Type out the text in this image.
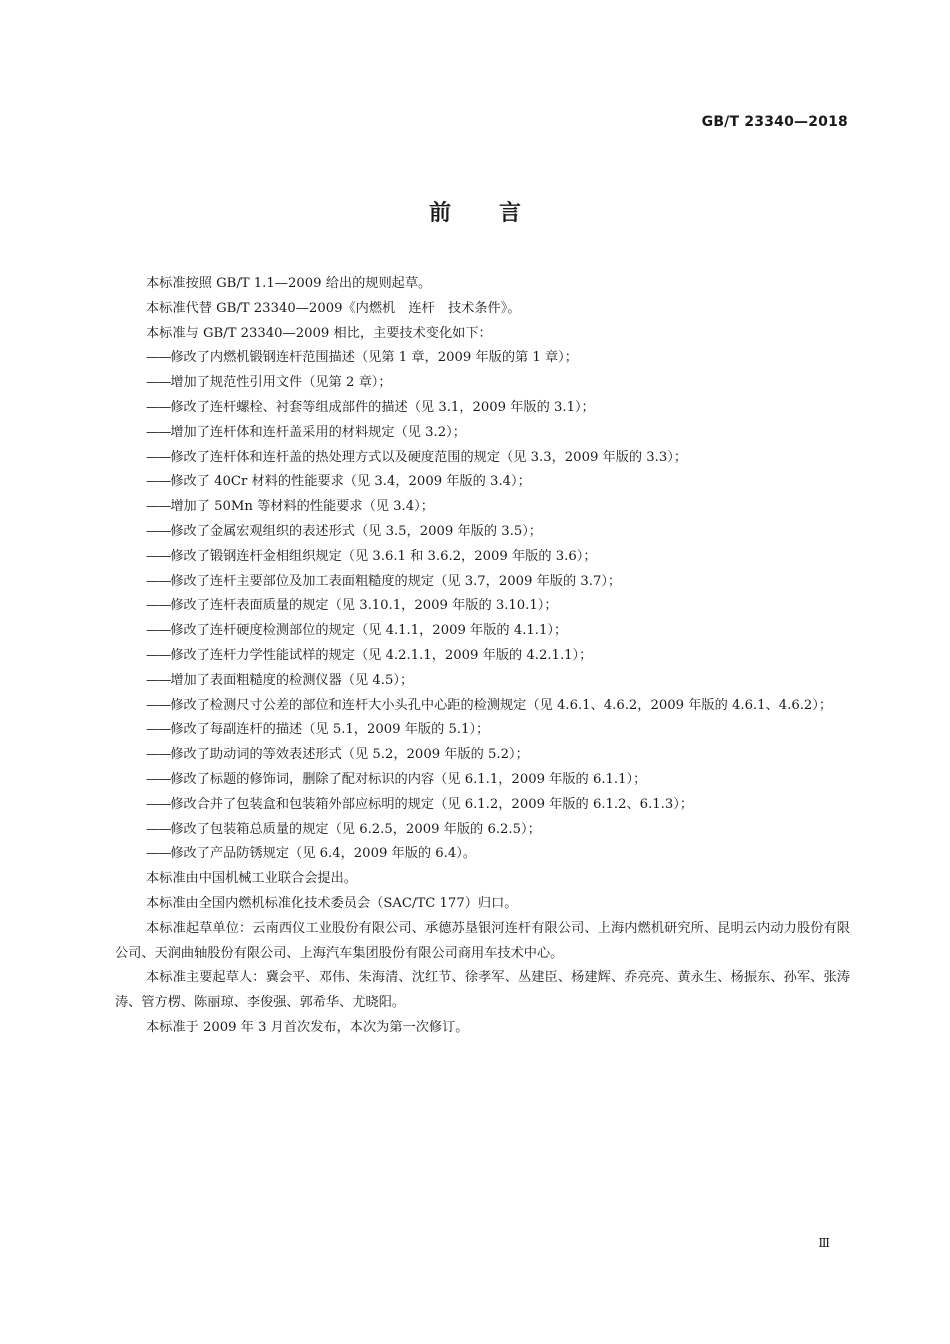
GB/T 23340—2018
前言

本标准按照 GB/T 1.1—2009 给出的规则起草。

本标准代替 GB/T 23340—2009《内燃机　连杆　技术条件》。

本标准与 GB/T 23340—2009 相比，主要技术变化如下：

——修改了内燃机锻钢连杆范围描述（见第 1 章，2009 年版的第 1 章）；

——增加了规范性引用文件（见第 2 章）；

——修改了连杆螺栓、衬套等组成部件的描述（见 3.1，2009 年版的 3.1）；

——增加了连杆体和连杆盖采用的材料规定（见 3.2）；

——修改了连杆体和连杆盖的热处理方式以及硬度范围的规定（见 3.3，2009 年版的 3.3）；

——修改了 40Cr 材料的性能要求（见 3.4，2009 年版的 3.4）；

——增加了 50Mn 等材料的性能要求（见 3.4）；

——修改了金属宏观组织的表述形式（见 3.5，2009 年版的 3.5）；

——修改了锻钢连杆金相组织规定（见 3.6.1 和 3.6.2，2009 年版的 3.6）；

——修改了连杆主要部位及加工表面粗糙度的规定（见 3.7，2009 年版的 3.7）；

——修改了连杆表面质量的规定（见 3.10.1，2009 年版的 3.10.1）；

——修改了连杆硬度检测部位的规定（见 4.1.1，2009 年版的 4.1.1）；

——修改了连杆力学性能试样的规定（见 4.2.1.1，2009 年版的 4.2.1.1）；

——增加了表面粗糙度的检测仪器（见 4.5）；

——修改了检测尺寸公差的部位和连杆大小头孔中心距的检测规定（见 4.6.1、4.6.2，2009 年版的 4.6.1、4.6.2）；

——修改了每副连杆的描述（见 5.1，2009 年版的 5.1）；

——修改了助动词的等效表述形式（见 5.2，2009 年版的 5.2）；

——修改了标题的修饰词，删除了配对标识的内容（见 6.1.1，2009 年版的 6.1.1）；

——修改合并了包装盒和包装箱外部应标明的规定（见 6.1.2，2009 年版的 6.1.2、6.1.3）；

——修改了包装箱总质量的规定（见 6.2.5，2009 年版的 6.2.5）；

——修改了产品防锈规定（见 6.4，2009 年版的 6.4）。

本标准由中国机械工业联合会提出。

本标准由全国内燃机标准化技术委员会（SAC/TC 177）归口。

本标准起草单位：云南西仪工业股份有限公司、承德苏垦银河连杆有限公司、上海内燃机研究所、昆明云内动力股份有限公司、天润曲轴股份有限公司、上海汽车集团股份有限公司商用车技术中心。

本标准主要起草人：冀会平、邓伟、朱海清、沈红节、徐孝军、丛建臣、杨建辉、乔亮亮、黄永生、杨振东、孙军、张涛涛、管方楞、陈丽琼、李俊强、郭希华、尤晓阳。

本标准于 2009 年 3 月首次发布，本次为第一次修订。

Ⅲ
